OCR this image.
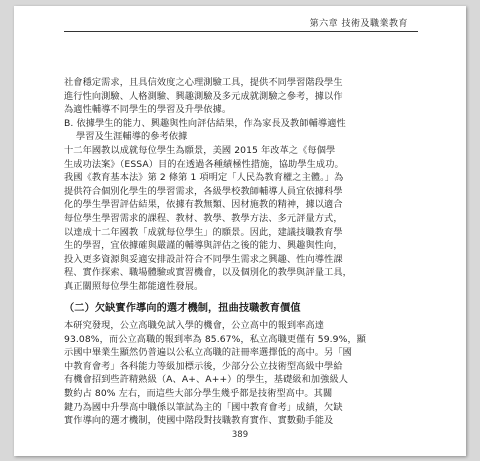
第六章 技術及職業教育
社會穩定需求，且具信效度之心理測驗工具，提供不同學習階段學生
進行性向測驗、人格測驗、興趣測驗及多元成就測驗之參考，據以作
為適性輔導不同學生的學習及升學依據。
B. 依據學生的能力、興趣與性向評估結果，作為家長及教師輔導適性
學習及生涯輔導的參考依據
十二年國教以成就每位學生為願景，美國 2015 年改革之《每個學
生成功法案》（ESSA）目的在透過各種績極性措施，協助學生成功。
我國《教育基本法》第 2 條第 1 項明定「人民為教育權之主體。」為
提供符合個別化學生的學習需求，各級學校教師輔導人員宜依據科學
化的學生學習評估結果，依據有教無類、因材施教的精神，據以適合
每位學生學習需求的課程、教材、教學、教學方法、多元評量方式，
以達成十二年國教「成就每位學生」的願景。因此，建議技職教育學
生的學習，宜依據確與嚴謹的輔導與評估之後的能力、興趣與性向，
投入更多資源與妥適安排設計符合不同學生需求之興趣、性向導性課
程、實作探索、職場體驗或實習機會，以及個別化的教學與評量工具，
真正關照每位學生都能適性發展。
（二）欠缺實作導向的選才機制，扭曲技職教育價值
本研究發現，公立高職免試入學的機會，公立高中的報到率高達
93.08%，而公立高職的報到率為 85.67%，私立高職更僅有 59.9%，顯
示國中畢業生顯然仍普遍以公私立高職的註冊率選擇低的高中。另「國
中教育會考」各科能力等級加標示後，少部分公立技術型高級中學給
有機會招到些許精熟級（A、A+、A++）的學生，基礎級和加強級人
數約占 80% 左右，而這些大部分學生幾乎都是技術型高中。其關
鍵乃為國中升學高中職係以筆試為主的「國中教育會考」成績，欠缺
實作導向的選才機制，使國中階段對技職教育實作、實數動手能及
389
